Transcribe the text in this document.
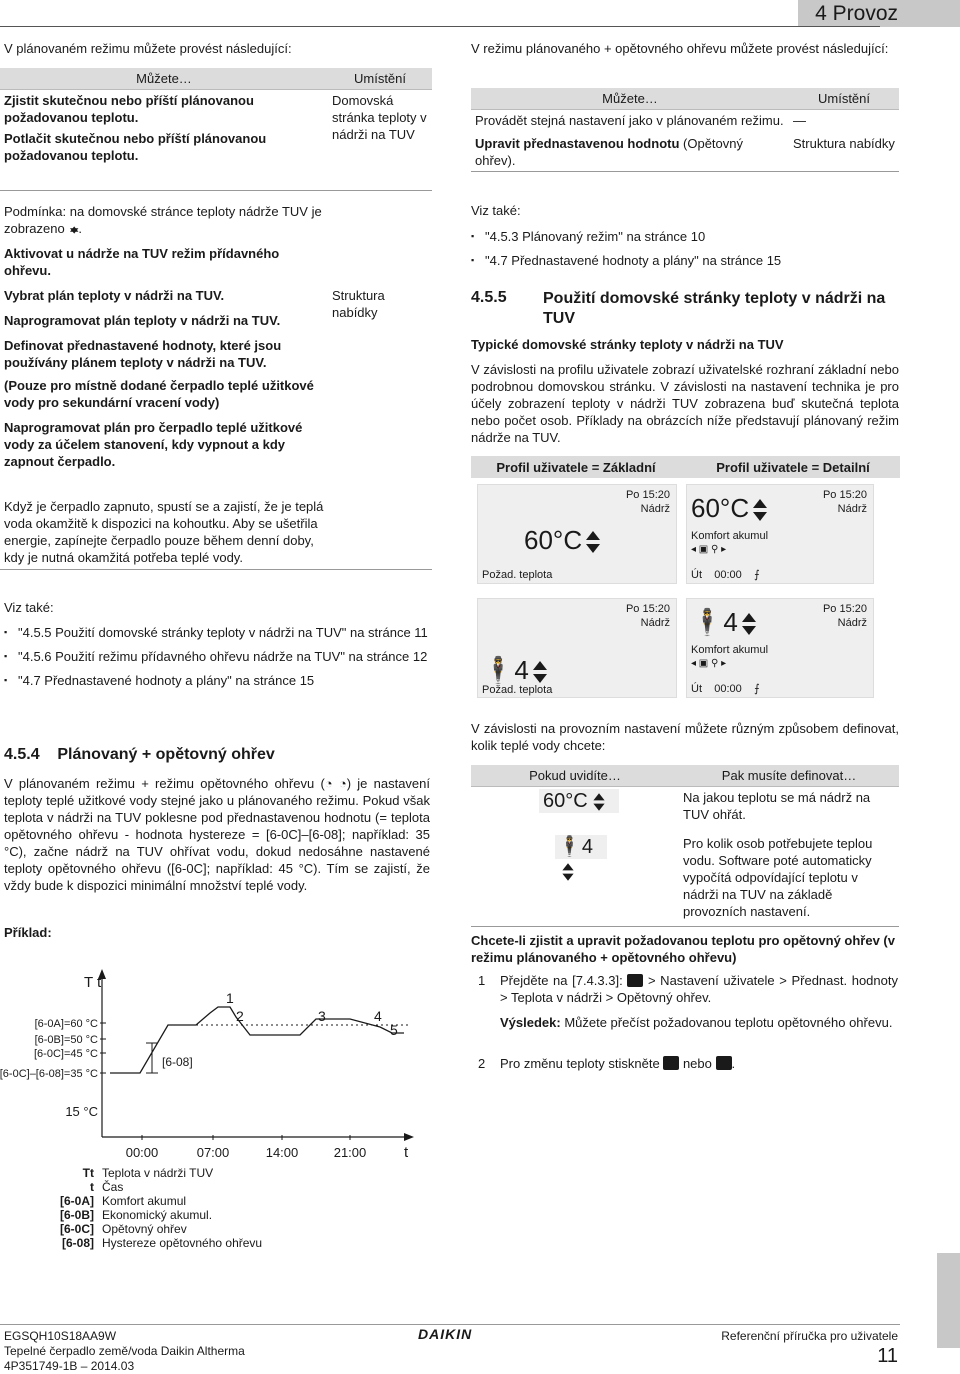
4 Provoz
V plánovaném režimu můžete provést následující:
Můžete…	Umístění
Zjistit skutečnou nebo příští plánovanou požadovanou teplotu.	Domovská stránka teploty v nádrži na TUV
Potlačit skutečnou nebo příští plánovanou požadovanou teplotu.	
Podmínka: na domovské stránce teploty nádrže TUV je zobrazeno .	
Aktivovat u nádrže na TUV režim přídavného ohřevu.	
Vybrat plán teploty v nádrži na TUV.	Struktura nabídky
Naprogramovat plán teploty v nádrži na TUV.	
Definovat přednastavené hodnoty, které jsou používány plánem teploty v nádrži na TUV.	
(Pouze pro místně dodané čerpadlo teplé užitkové vody pro sekundární vracení vody)	
Naprogramovat plán pro čerpadlo teplé užitkové vody za účelem stanovení, kdy vypnout a kdy zapnout čerpadlo.	
Když je čerpadlo zapnuto, spustí se a zajistí, že je teplá voda okamžitě k dispozici na kohoutku. Aby se ušetřila energie, zapínejte čerpadlo pouze během denní doby, kdy je nutná okamžitá potřeba teplé vody.	
Viz také:
▪ "4.5.5 Použití domovské stránky teploty v nádrži na TUV" na stránce 11
▪ "4.5.6 Použití režimu přídavného ohřevu nádrže na TUV" na stránce 12
▪ "4.7 Přednastavené hodnoty a plány" na stránce 15
4.5.4 Plánovaný + opětovný ohřev
V plánovaném režimu + režimu opětovného ohřevu (◔ ◔) je nastavení teploty teplé užitkové vody stejné jako u plánovaného režimu. Pokud však teplota v nádrži na TUV poklesne pod přednastavenou hodnotu (= teplota opětovného ohřevu - hodnota hystereze = [6-0C]–[6-08]; například: 35 °C), začne nádrž na TUV ohřívat vodu, dokud nedosáhne nastavené teploty opětovného ohřevu ([6-0C]; například: 45 °C). Tím se zajistí, že vždy bude k dispozici minimální množství teplé vody.
Příklad:
T t
t
[6-0A]=60 °C
[6-0B]=50 °C
[6-0C]=45 °C
[6-0C]–[6-08]=35 °C
15 °C
00:00	07:00	14:00	21:00
[6-08]
1
2	3	4
5
Tt	Teplota v nádrži TUV
t	Čas
[6-0A]	Komfort akumul
[6-0B]	Ekonomický akumul.
[6-0C]	Opětovný ohřev
[6-08]	Hystereze opětovného ohřevu
V režimu plánovaného + opětovného ohřevu můžete provést následující:
Můžete…	Umístění
Provádět stejná nastavení jako v plánovaném režimu.	—
Upravit přednastavenou hodnotu (Opětovný ohřev).	Struktura nabídky
Viz také:
▪ "4.5.3 Plánovaný režim" na stránce 10
▪ "4.7 Přednastavené hodnoty a plány" na stránce 15
4.5.5	Použití domovské stránky teploty v nádrži na TUV
Typické domovské stránky teploty v nádrži na TUV
V závislosti na profilu uživatele zobrazí uživatelské rozhraní základní nebo podrobnou domovskou stránku. V závislosti na nastavení technika je pro účely zobrazení teploty v nádrži TUV zobrazena buď skutečná teplota nebo počet osob. Příklady na obrázcích níže představují plánovaný režim nádrže na TUV.
Profil uživatele = Základní	Profil uživatele = Detailní
Po 15:20
Nádrž
60°C
Požad. teplota
Po 15:20
Nádrž
60°C
Komfort akumul
◂ ▣ ⚲ ▸
Út 00:00    ⨍
Po 15:20
Nádrž
🕴4
Požad. teplota
Po 15:20
Nádrž
🕴4
Komfort akumul
◂ ▣ ⚲ ▸
Út 00:00    ⨍
V závislosti na provozním nastavení můžete různým způsobem definovat, kolik teplé vody chcete:
Pokud uvidíte…	Pak musíte definovat…

60°C	Na jakou teplotu se má nádrž na TUV ohřát.

🕴4	Pro kolik osob potřebujete teplou vodu. Software poté automaticky vypočítá odpovídající teplotu v nádrži na TUV na základě provozních nastavení.
Chcete-li zjistit a upravit požadovanou teplotu pro opětovný ohřev (v režimu plánovaného + opětovného ohřevu)
1 Přejděte na [7.4.3.3]: > Nastavení uživatele > Přednast. hodnoty > Teplota v nádrži > Opětovný ohřev.
Výsledek: Můžete přečíst požadovanou teplotu opětovného ohřevu.
2 Pro změnu teploty stiskněte nebo .
EGSQH10S18AA9W
Tepelné čerpadlo země/voda Daikin Altherma
4P351749-1B – 2014.03
DAIKIN	Referenční příručka pro uživatele
11
